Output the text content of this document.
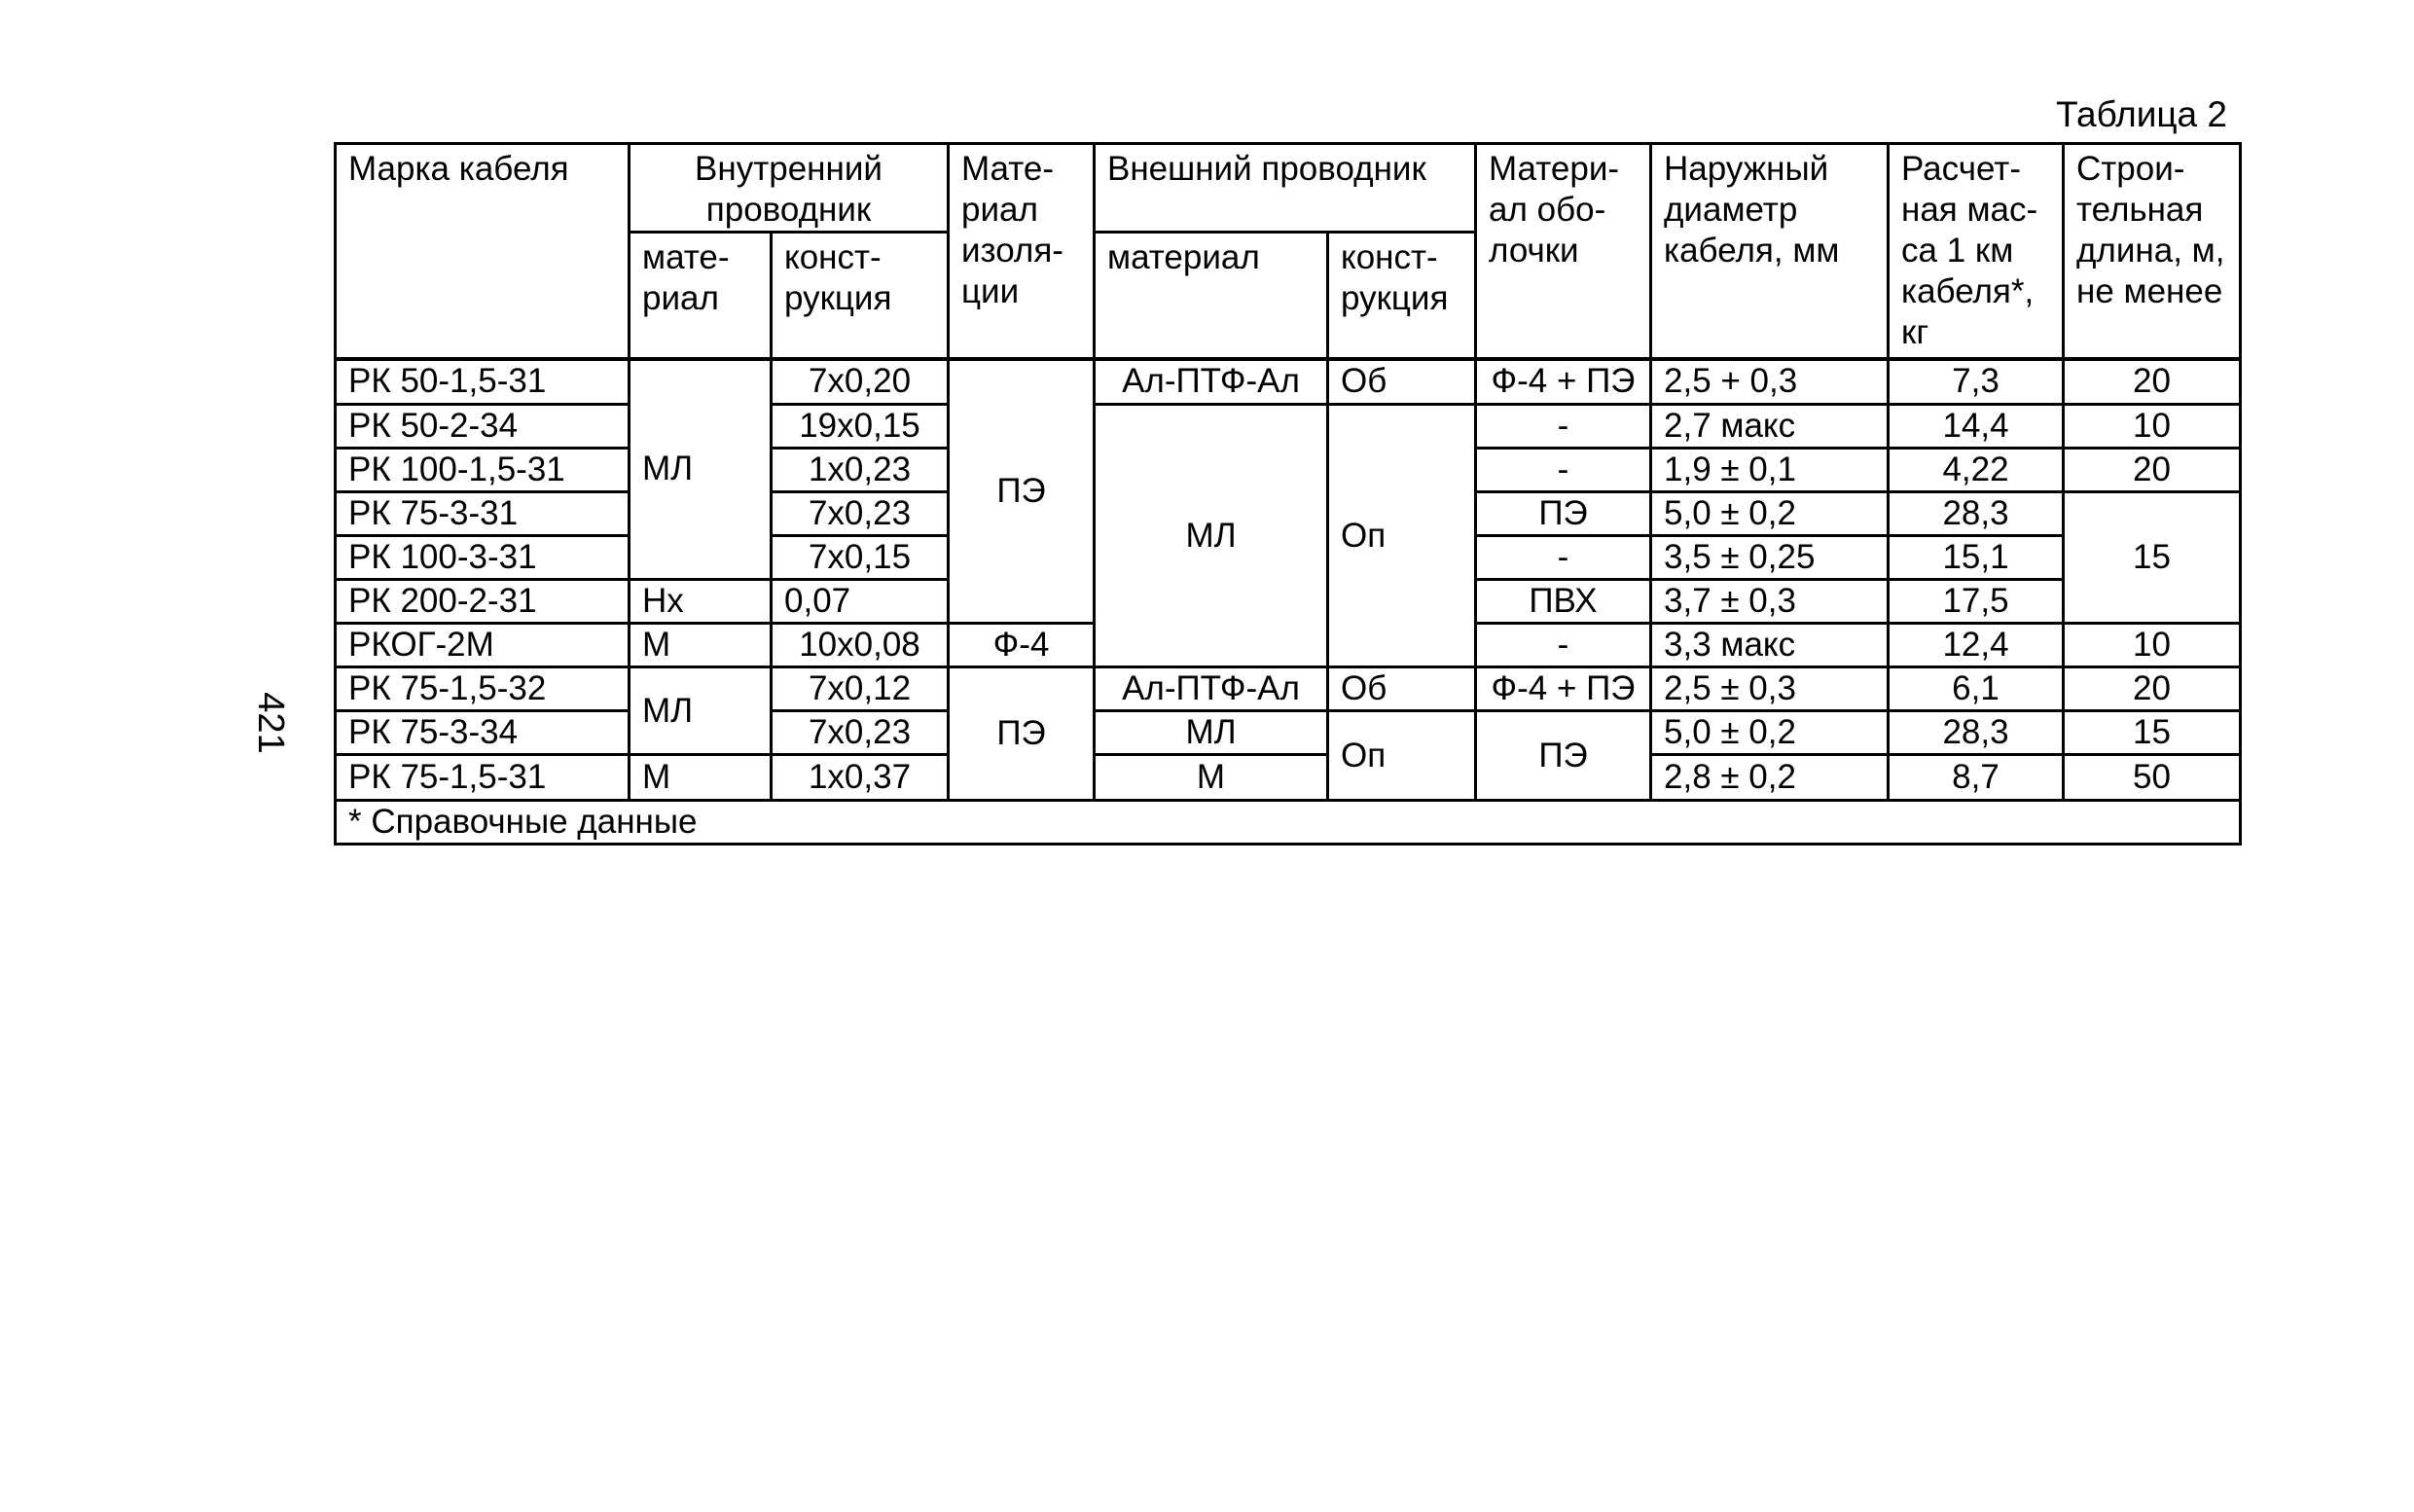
Таблица 2
421
Марка кабеля	Внутренний проводник		Мате-риал изоля-ции	Внешний проводник		Матери-ал обо-лочки	Наружный диаметр кабеля, мм	Расчет-ная мас-са 1 км кабеля*, кг	Строи-тельная длина, м, не менее
	мате-риал	конст-рукция		материал	конст-рукция				
РК 50-1,5-31	МЛ	7х0,20	ПЭ	Ал-ПТФ-Ал	Об	Ф-4 + ПЭ	2,5 + 0,3	7,3	20
РК 50-2-34		19х0,15		МЛ	Оп	-	2,7 макс	14,4	10
РК 100-1,5-31		1х0,23				-	1,9 ± 0,1	4,22	20
РК 75-3-31		7х0,23				ПЭ	5,0 ± 0,2	28,3	15
РК 100-3-31		7х0,15				-	3,5 ± 0,25	15,1	
РК 200-2-31	Нх	0,07				ПВХ	3,7 ± 0,3	17,5	
РКОГ-2М	М	10х0,08	Ф-4			-	3,3 макс	12,4	10
РК 75-1,5-32	МЛ	7х0,12	ПЭ	Ал-ПТФ-Ал	Об	Ф-4 + ПЭ	2,5 ± 0,3	6,1	20
РК 75-3-34		7х0,23		МЛ	Оп	ПЭ	5,0 ± 0,2	28,3	15
РК 75-1,5-31	М	1х0,37		М			2,8 ± 0,2	8,7	50
* Справочные данные									
